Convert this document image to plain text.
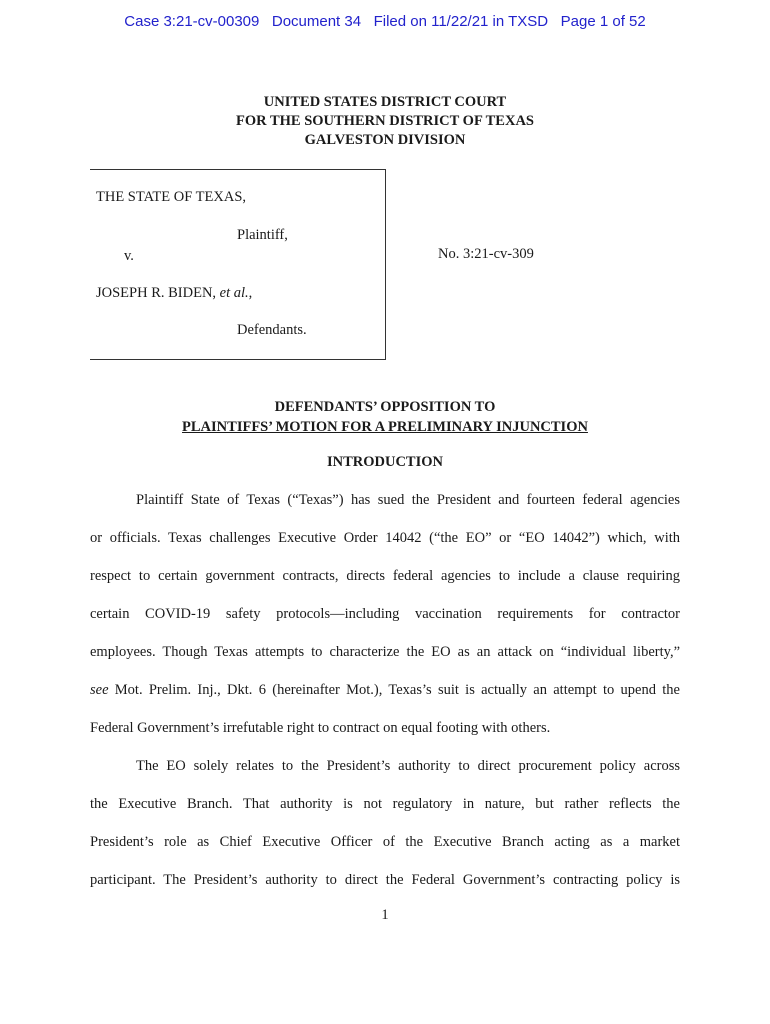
Case 3:21-cv-00309   Document 34   Filed on 11/22/21 in TXSD   Page 1 of 52
UNITED STATES DISTRICT COURT
FOR THE SOUTHERN DISTRICT OF TEXAS
GALVESTON DIVISION
THE STATE OF TEXAS,
Plaintiff,
v.
JOSEPH R. BIDEN, et al.,
Defendants.
No. 3:21-cv-309
DEFENDANTS’ OPPOSITION TO
PLAINTIFFS’ MOTION FOR A PRELIMINARY INJUNCTION
INTRODUCTION
Plaintiff State of Texas (“Texas”) has sued the President and fourteen federal agencies
or officials. Texas challenges Executive Order 14042 (“the EO” or “EO 14042”) which, with
respect to certain government contracts, directs federal agencies to include a clause requiring
certain COVID-19 safety protocols—including vaccination requirements for contractor
employees. Though Texas attempts to characterize the EO as an attack on “individual liberty,”
see Mot. Prelim. Inj., Dkt. 6 (hereinafter Mot.), Texas’s suit is actually an attempt to upend the
Federal Government’s irrefutable right to contract on equal footing with others.
The EO solely relates to the President’s authority to direct procurement policy across
the Executive Branch. That authority is not regulatory in nature, but rather reflects the
President’s role as Chief Executive Officer of the Executive Branch acting as a market
participant. The President’s authority to direct the Federal Government’s contracting policy is
1
